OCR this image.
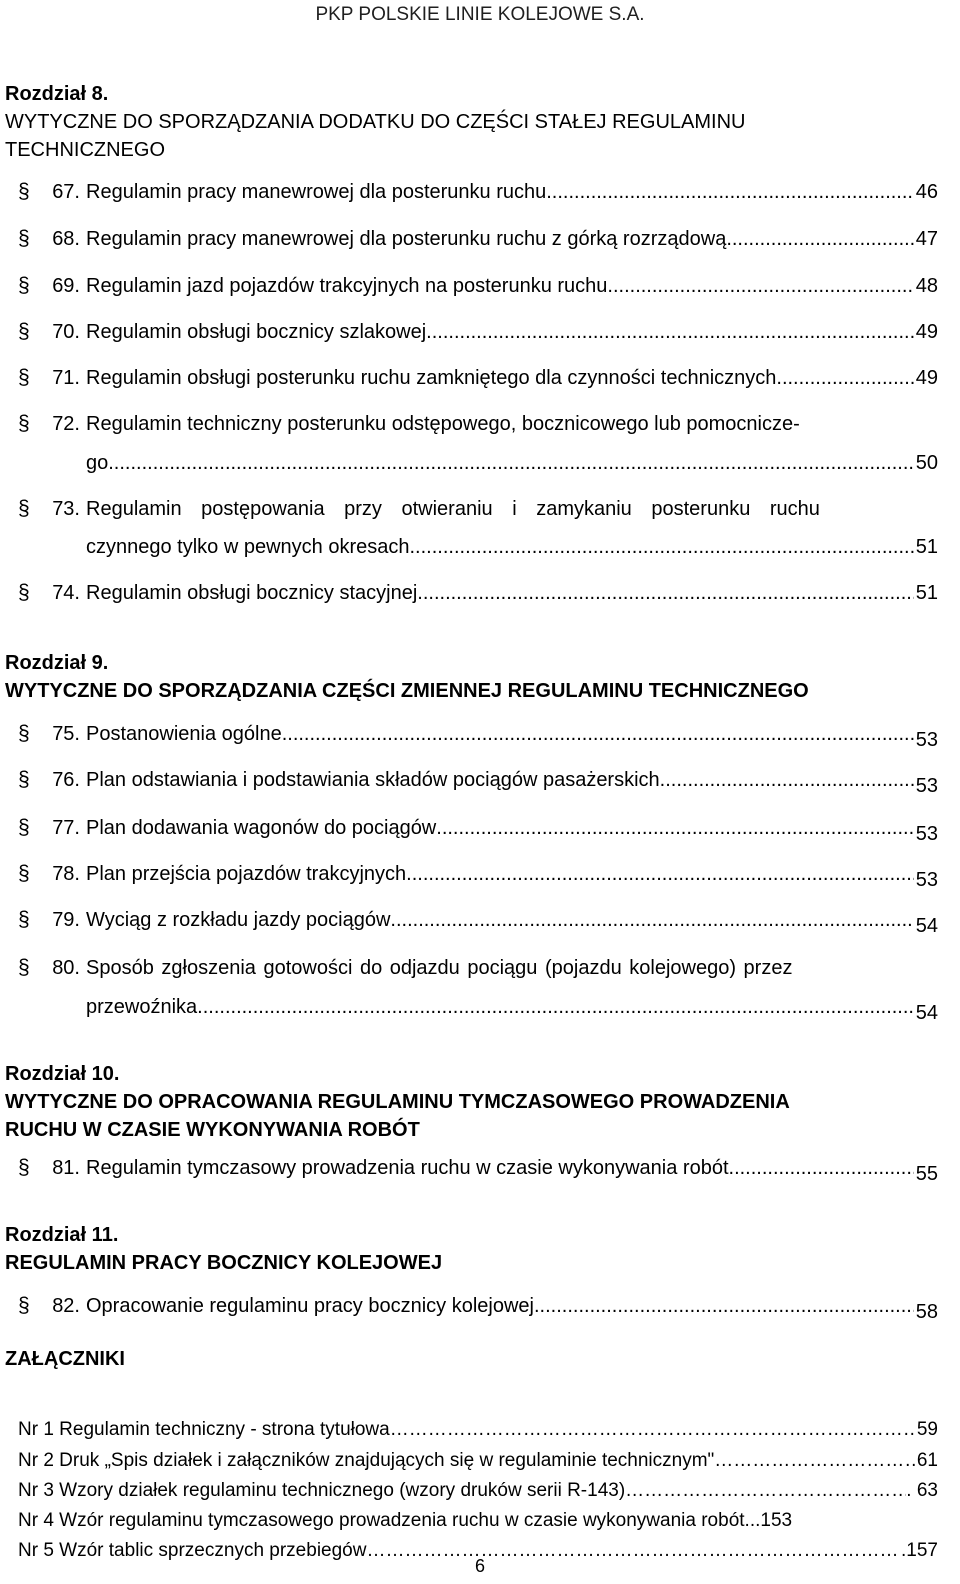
PKP POLSKIE LINIE KOLEJOWE S.A.
Rozdział 8.
WYTYCZNE DO SPORZĄDZANIA DODATKU DO CZĘŚCI STAŁEJ REGULAMINU
TECHNICZNEGO
§	67. Regulamin pracy manewrowej dla posterunku ruchu .....	46
§	68. Regulamin pracy manewrowej dla posterunku ruchu z górką rozrządową .....	47
§	69. Regulamin jazd pojazdów trakcyjnych na posterunku ruchu .....	48
§	70. Regulamin obsługi bocznicy szlakowej .....	49
§	71. Regulamin obsługi posterunku ruchu zamkniętego dla czynności technicznych .....	49
§	72. Regulamin techniczny posterunku odstępowego, bocznicowego lub pomocnicze-
go .....	50
§	73. Regulamin postępowania przy otwieraniu i zamykaniu posterunku ruchu
czynnego tylko w pewnych okresach .....	51
§	74. Regulamin obsługi bocznicy stacyjnej .....	51
Rozdział 9.
WYTYCZNE DO SPORZĄDZANIA CZĘŚCI ZMIENNEJ REGULAMINU TECHNICZNEGO
§	75. Postanowienia ogólne .....	53
§	76. Plan odstawiania i podstawiania składów pociągów pasażerskich .....	53
§	77. Plan dodawania wagonów do pociągów .....	53
§	78. Plan przejścia pojazdów trakcyjnych .....	53
§	79. Wyciąg z rozkładu jazdy pociągów .....	54
§	80. Sposób zgłoszenia gotowości do odjazdu pociągu (pojazdu kolejowego) przez
przewoźnika .....	54
Rozdział 10.
WYTYCZNE DO OPRACOWANIA REGULAMINU TYMCZASOWEGO PROWADZENIA
RUCHU W CZASIE WYKONYWANIA ROBÓT
§	81. Regulamin tymczasowy prowadzenia ruchu w czasie wykonywania robót .....	55
Rozdział 11.
REGULAMIN PRACY BOCZNICY KOLEJOWEJ
§	82. Opracowanie regulaminu pracy bocznicy kolejowej .....	58
ZAŁĄCZNIKI
Nr 1 Regulamin techniczny - strona tytułowa …………………………………………………………………………………………………………………………	59
Nr 2 Druk „Spis działek i załączników znajdujących się w regulaminie technicznym" …………………………………………………………………………………………………………………………	61
Nr 3 Wzory działek regulaminu technicznego (wzory druków serii R-143) …………………………………………………………………………………………………………………………	. 63
Nr 4 Wzór regulaminu tymczasowego prowadzenia ruchu w czasie wykonywania robót ...153
Nr 5 Wzór tablic sprzecznych przebiegów …………………………………………………………………………………………………………………………	.157
6
